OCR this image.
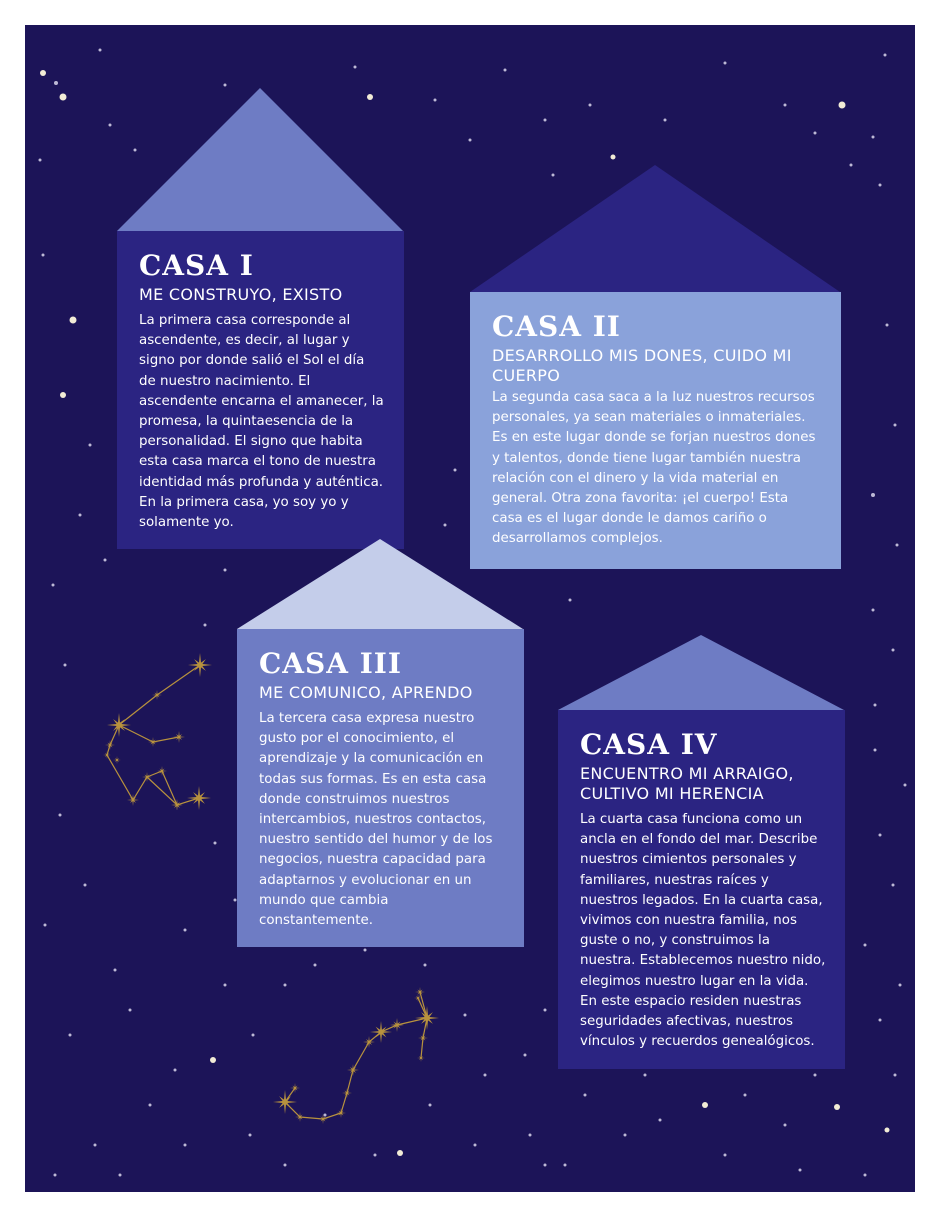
CASA I
ME CONSTRUYO, EXISTO

La primera casa corresponde al ascendente, es decir, al lugar y signo por donde salió el Sol el día de nuestro nacimiento. El ascendente encarna el amanecer, la promesa, la quintaesencia de la personalidad. El signo que habita esta casa marca el tono de nuestra identidad más profunda y auténtica. En la primera casa, yo soy yo y solamente yo.

CASA II
DESARROLLO MIS DONES, CUIDO MI CUERPO

La segunda casa saca a la luz nuestros recursos personales, ya sean materiales o inmateriales. Es en este lugar donde se forjan nuestros dones y talentos, donde tiene lugar también nuestra relación con el dinero y la vida material en general. Otra zona favorita: ¡el cuerpo! Esta casa es el lugar donde le damos cariño o desarrollamos complejos.

CASA III
ME COMUNICO, APRENDO

La tercera casa expresa nuestro gusto por el conocimiento, el aprendizaje y la comunicación en todas sus formas. Es en esta casa donde construimos nuestros intercambios, nuestros contactos, nuestro sentido del humor y de los negocios, nuestra capacidad para adaptarnos y evolucionar en un mundo que cambia constantemente.

CASA IV
ENCUENTRO MI ARRAIGO, CULTIVO MI HERENCIA

La cuarta casa funciona como un ancla en el fondo del mar. Describe nuestros cimientos personales y familiares, nuestras raíces y nuestros legados. En la cuarta casa, vivimos con nuestra familia, nos guste o no, y construimos la nuestra. Establecemos nuestro nido, elegimos nuestro lugar en la vida. En este espacio residen nuestras seguridades afectivas, nuestros vínculos y recuerdos genealógicos.
